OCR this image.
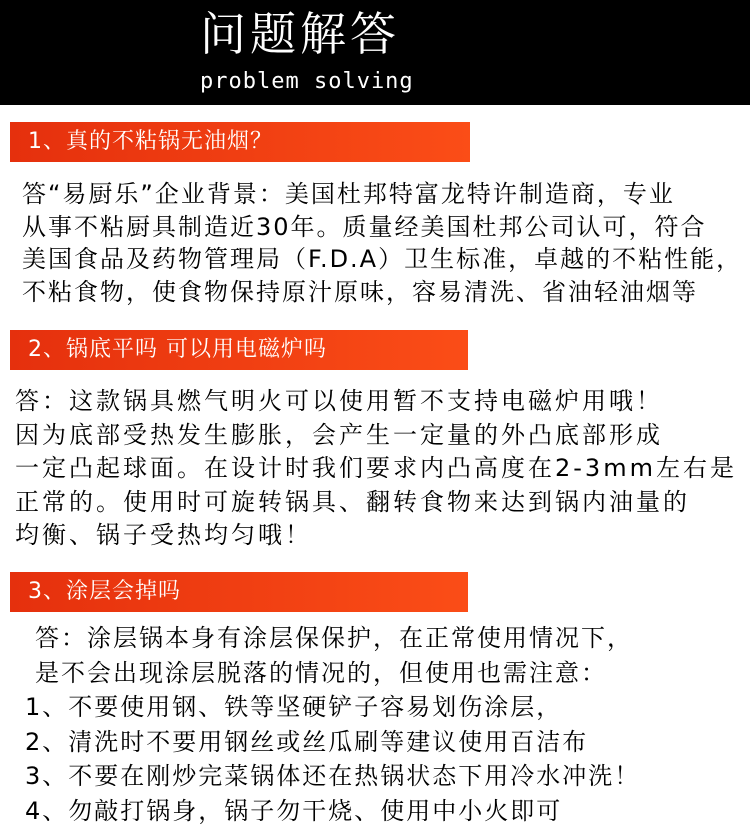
问题解答
problem solving
1、真的不粘锅无油烟？
答“易厨乐”企业背景：美国杜邦特富龙特许制造商，专业
从事不粘厨具制造近30年。质量经美国杜邦公司认可，符合
美国食品及药物管理局（F.D.A）卫生标准，卓越的不粘性能，
不粘食物，使食物保持原汁原味，容易清洗、省油轻油烟等
2、锅底平吗 可以用电磁炉吗
答：这款锅具燃气明火可以使用暂不支持电磁炉用哦！
因为底部受热发生膨胀，会产生一定量的外凸底部形成
一定凸起球面。在设计时我们要求内凸高度在2-3mm左右是
正常的。使用时可旋转锅具、翻转食物来达到锅内油量的
均衡、锅子受热均匀哦！
3、涂层会掉吗
答：涂层锅本身有涂层保保护，在正常使用情况下，
是不会出现涂层脱落的情况的，但使用也需注意：
1、不要使用钢、铁等坚硬铲子容易划伤涂层，
2、清洗时不要用钢丝或丝瓜刷等建议使用百洁布
3、不要在刚炒完菜锅体还在热锅状态下用冷水冲洗！
4、勿敲打锅身，锅子勿干烧、使用中小火即可
